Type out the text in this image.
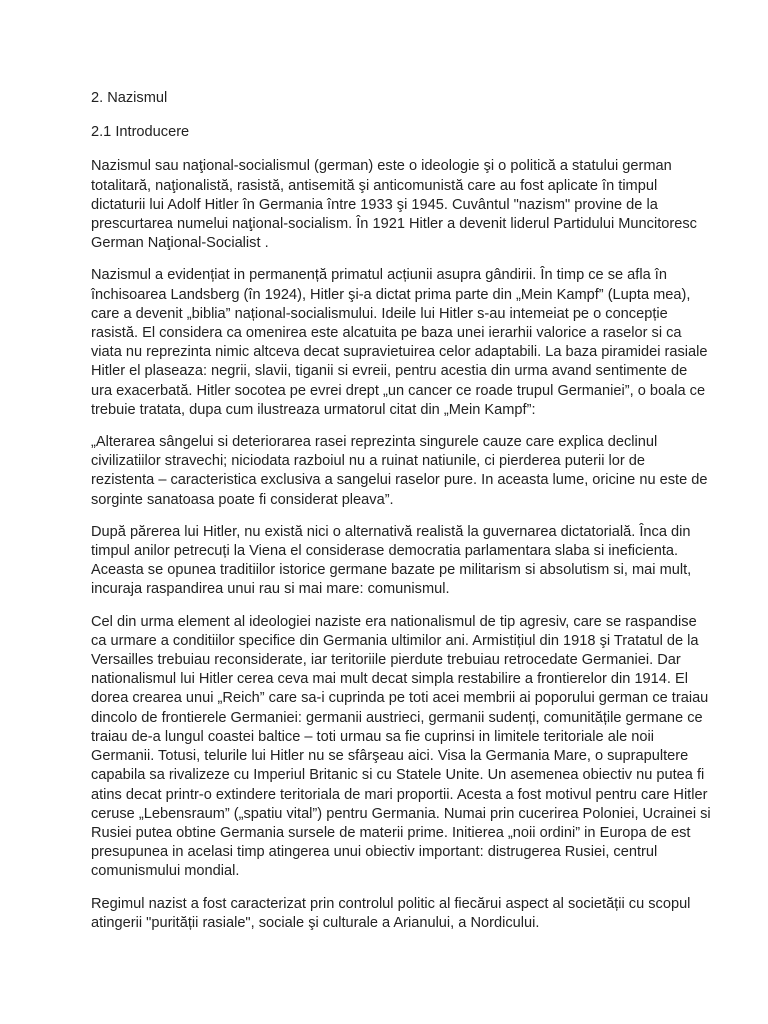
2. Nazismul
2.1 Introducere
Nazismul sau naţional-socialismul (german) este o ideologie şi o politică a statului german
totalitară, naţionalistă, rasistă, antisemită şi anticomunistă care au fost aplicate în timpul
dictaturii lui Adolf Hitler în Germania între 1933 şi 1945. Cuvântul "nazism" provine de la
prescurtarea numelui naţional-socialism. În 1921 Hitler a devenit liderul Partidului Muncitoresc
German Naţional-Socialist .
Nazismul a evidențiat in permanență primatul acțiunii asupra gândirii. În timp ce se afla în
închisoarea Landsberg (în 1924), Hitler şi-a dictat prima parte din „Mein Kampf” (Lupta mea),
care a devenit „biblia” național-socialismului. Ideile lui Hitler s-au intemeiat pe o concepție
rasistă. El considera ca omenirea este alcatuita pe baza unei ierarhii valorice a raselor si ca
viata nu reprezinta nimic altceva decat supravietuirea celor adaptabili. La baza piramidei rasiale
Hitler el plaseaza: negrii, slavii, tiganii si evreii, pentru acestia din urma avand sentimente de
ura exacerbată. Hitler socotea pe evrei drept „un cancer ce roade trupul Germaniei”, o boala ce
trebuie tratata, dupa cum ilustreaza urmatorul citat din „Mein Kampf”:
„Alterarea sângelui si deteriorarea rasei reprezinta singurele cauze care explica declinul
civilizatiilor stravechi; niciodata razboiul nu a ruinat natiunile, ci pierderea puterii lor de
rezistenta – caracteristica exclusiva a sangelui raselor pure. In aceasta lume, oricine nu este de
sorginte sanatoasa poate fi considerat pleava”.
După părerea lui Hitler, nu există nici o alternativă realistă la guvernarea dictatorială. Înca din
timpul anilor petrecuți la Viena el considerase democratia parlamentara slaba si ineficienta.
Aceasta se opunea traditiilor istorice germane bazate pe militarism si absolutism si, mai mult,
incuraja raspandirea unui rau si mai mare: comunismul.
Cel din urma element al ideologiei naziste era nationalismul de tip agresiv, care se raspandise
ca urmare a conditiilor specifice din Germania ultimilor ani. Armistițiul din 1918 şi Tratatul de la
Versailles trebuiau reconsiderate, iar teritoriile pierdute trebuiau retrocedate Germaniei. Dar
nationalismul lui Hitler cerea ceva mai mult decat simpla restabilire a frontierelor din 1914. El
dorea crearea unui „Reich” care sa-i cuprinda pe toti acei membrii ai poporului german ce traiau
dincolo de frontierele Germaniei: germanii austrieci, germanii sudenți, comunitățile germane ce
traiau de-a lungul coastei baltice – toti urmau sa fie cuprinsi in limitele teritoriale ale noii
Germanii. Totusi, telurile lui Hitler nu se sfârşeau aici. Visa la Germania Mare, o suprapultere
capabila sa rivalizeze cu Imperiul Britanic si cu Statele Unite. Un asemenea obiectiv nu putea fi
atins decat printr-o extindere teritoriala de mari proportii. Acesta a fost motivul pentru care Hitler
ceruse „Lebensraum” („spatiu vital”) pentru Germania. Numai prin cucerirea Poloniei, Ucrainei si
Rusiei putea obtine Germania sursele de materii prime. Initierea „noii ordini” in Europa de est
presupunea in acelasi timp atingerea unui obiectiv important: distrugerea Rusiei, centrul
comunismului mondial.
Regimul nazist a fost caracterizat prin controlul politic al fiecărui aspect al societății cu scopul
atingerii "purității rasiale", sociale şi culturale a Arianului, a Nordicului.
